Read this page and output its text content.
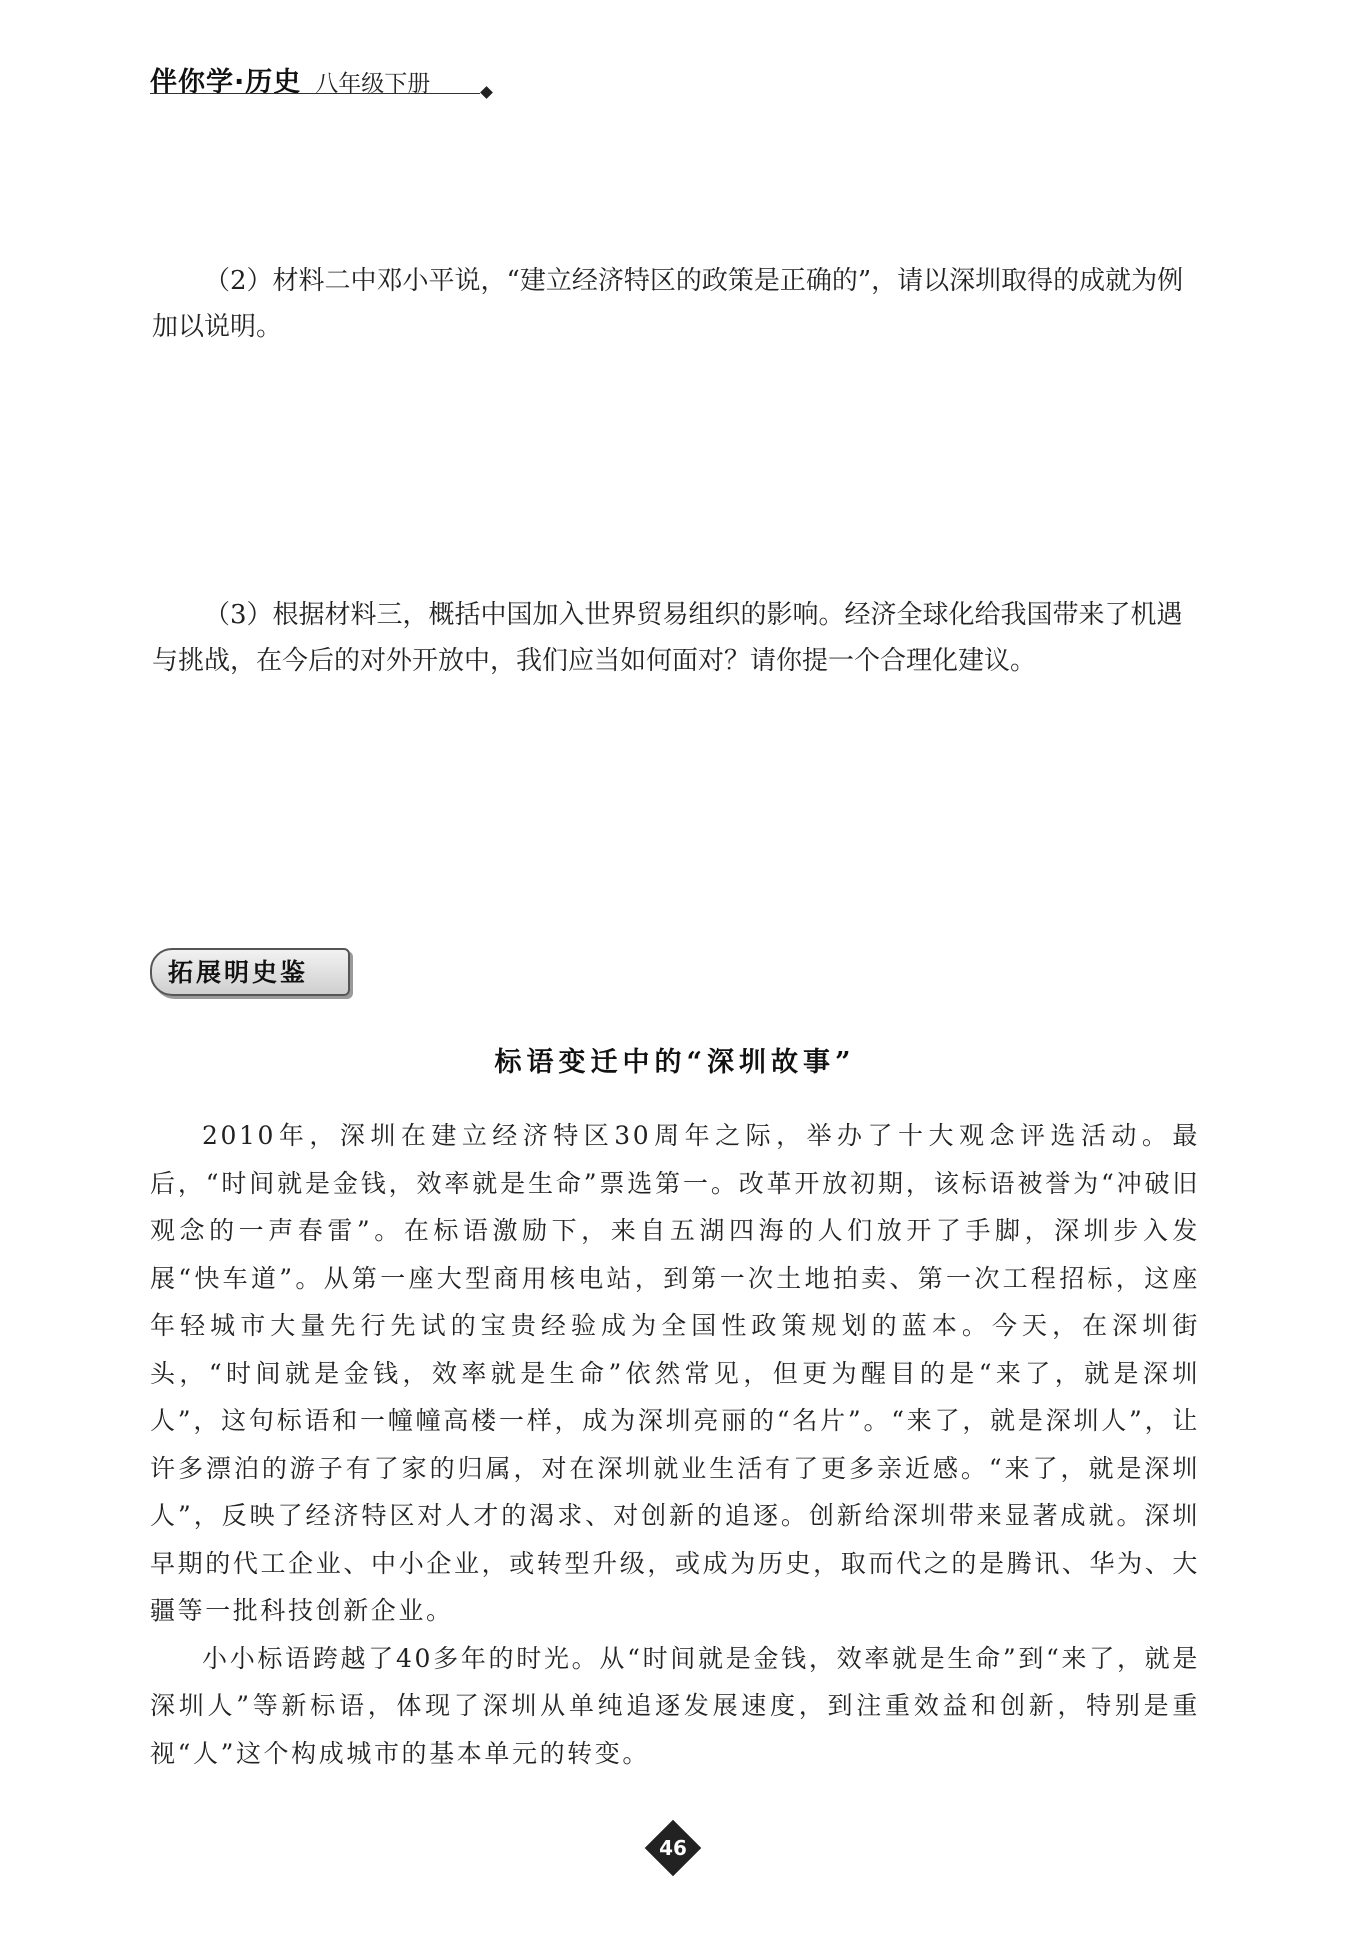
伴你学·历史 八年级下册
（2）材料二中邓小平说，“建立经济特区的政策是正确的”，请以深圳取得的成就为例加以说明。
（3）根据材料三，概括中国加入世界贸易组织的影响。经济全球化给我国带来了机遇与挑战，在今后的对外开放中，我们应当如何面对？请你提一个合理化建议。
拓展明史鉴
标语变迁中的“深圳故事”

2010年，深圳在建立经济特区30周年之际，举办了十大观念评选活动。最后，“时间就是金钱，效率就是生命”票选第一。改革开放初期，该标语被誉为“冲破旧观念的一声春雷”。在标语激励下，来自五湖四海的人们放开了手脚，深圳步入发展“快车道”。从第一座大型商用核电站，到第一次土地拍卖、第一次工程招标，这座年轻城市大量先行先试的宝贵经验成为全国性政策规划的蓝本。今天，在深圳街头，“时间就是金钱，效率就是生命”依然常见，但更为醒目的是“来了，就是深圳人”，这句标语和一幢幢高楼一样，成为深圳亮丽的“名片”。“来了，就是深圳人”，让许多漂泊的游子有了家的归属，对在深圳就业生活有了更多亲近感。“来了，就是深圳人”，反映了经济特区对人才的渴求、对创新的追逐。创新给深圳带来显著成就。深圳早期的代工企业、中小企业，或转型升级，或成为历史，取而代之的是腾讯、华为、大疆等一批科技创新企业。

小小标语跨越了40多年的时光。从“时间就是金钱，效率就是生命”到“来了，就是深圳人”等新标语，体现了深圳从单纯追逐发展速度，到注重效益和创新，特别是重视“人”这个构成城市的基本单元的转变。

46
